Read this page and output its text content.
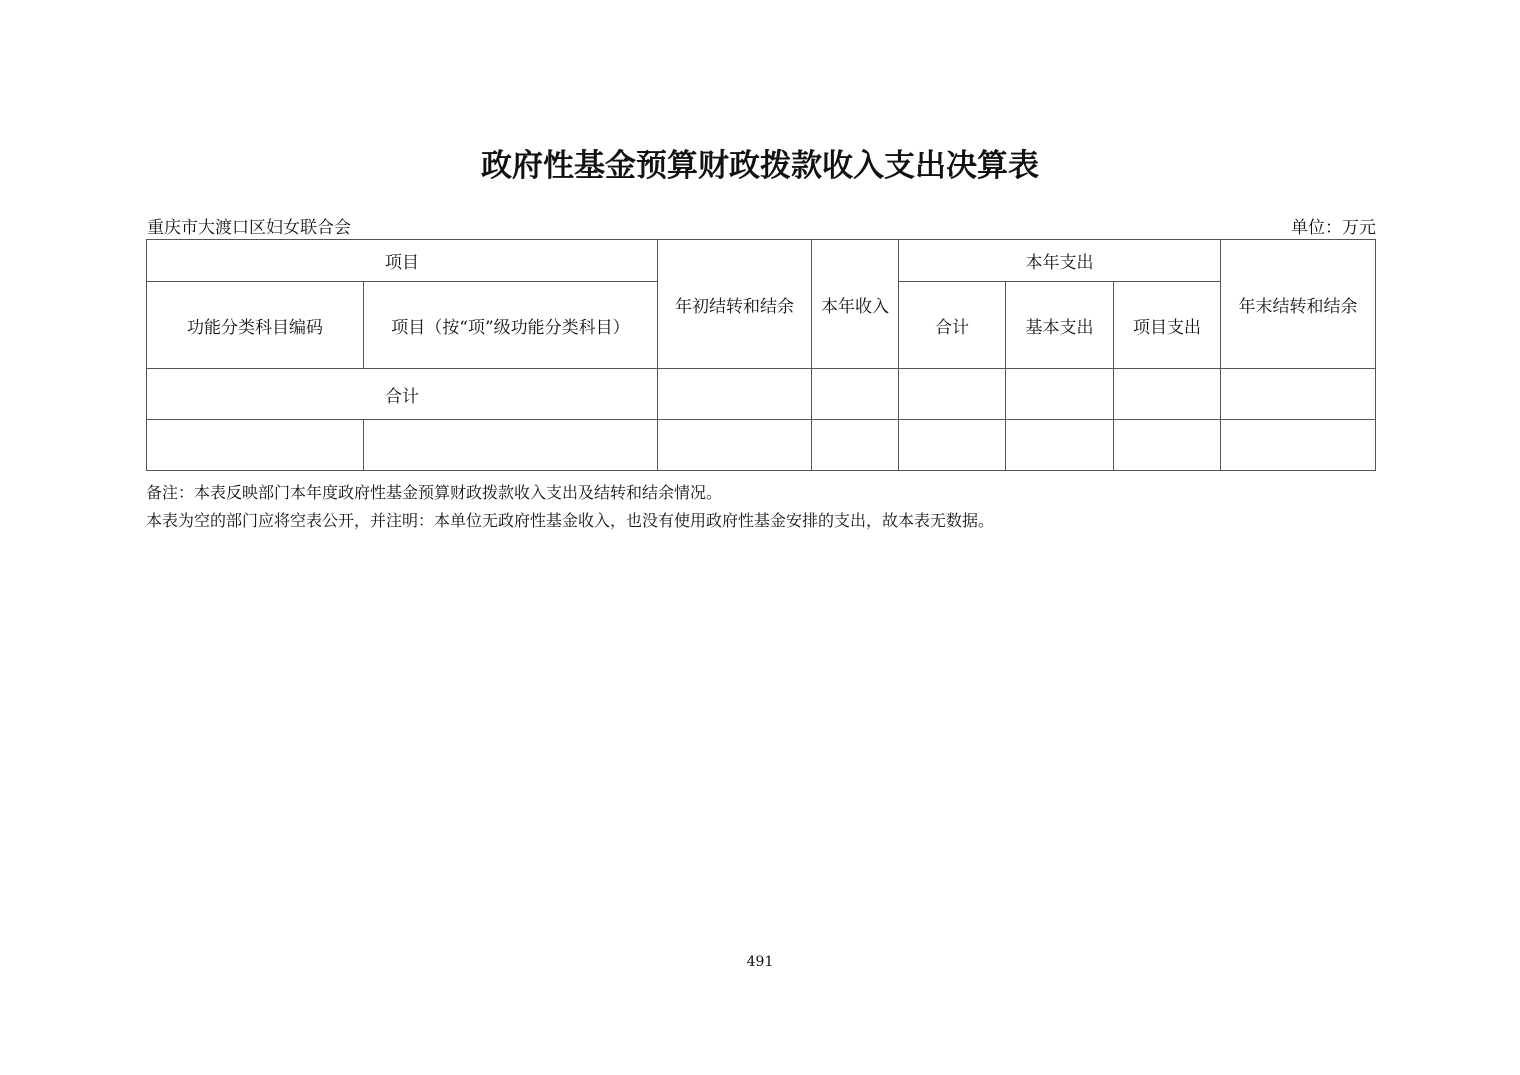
政府性基金预算财政拨款收入支出决算表

重庆市大渡口区妇女联合会	单位：万元

项目		年初结转和结余	本年收入	本年支出			年末结转和结余
功能分类科目编码	项目（按“项”级功能分类科目）			合计	基本支出	项目支出	
合计							

备注：本表反映部门本年度政府性基金预算财政拨款收入支出及结转和结余情况。

本表为空的部门应将空表公开，并注明：本单位无政府性基金收入，也没有使用政府性基金安排的支出，故本表无数据。

491
